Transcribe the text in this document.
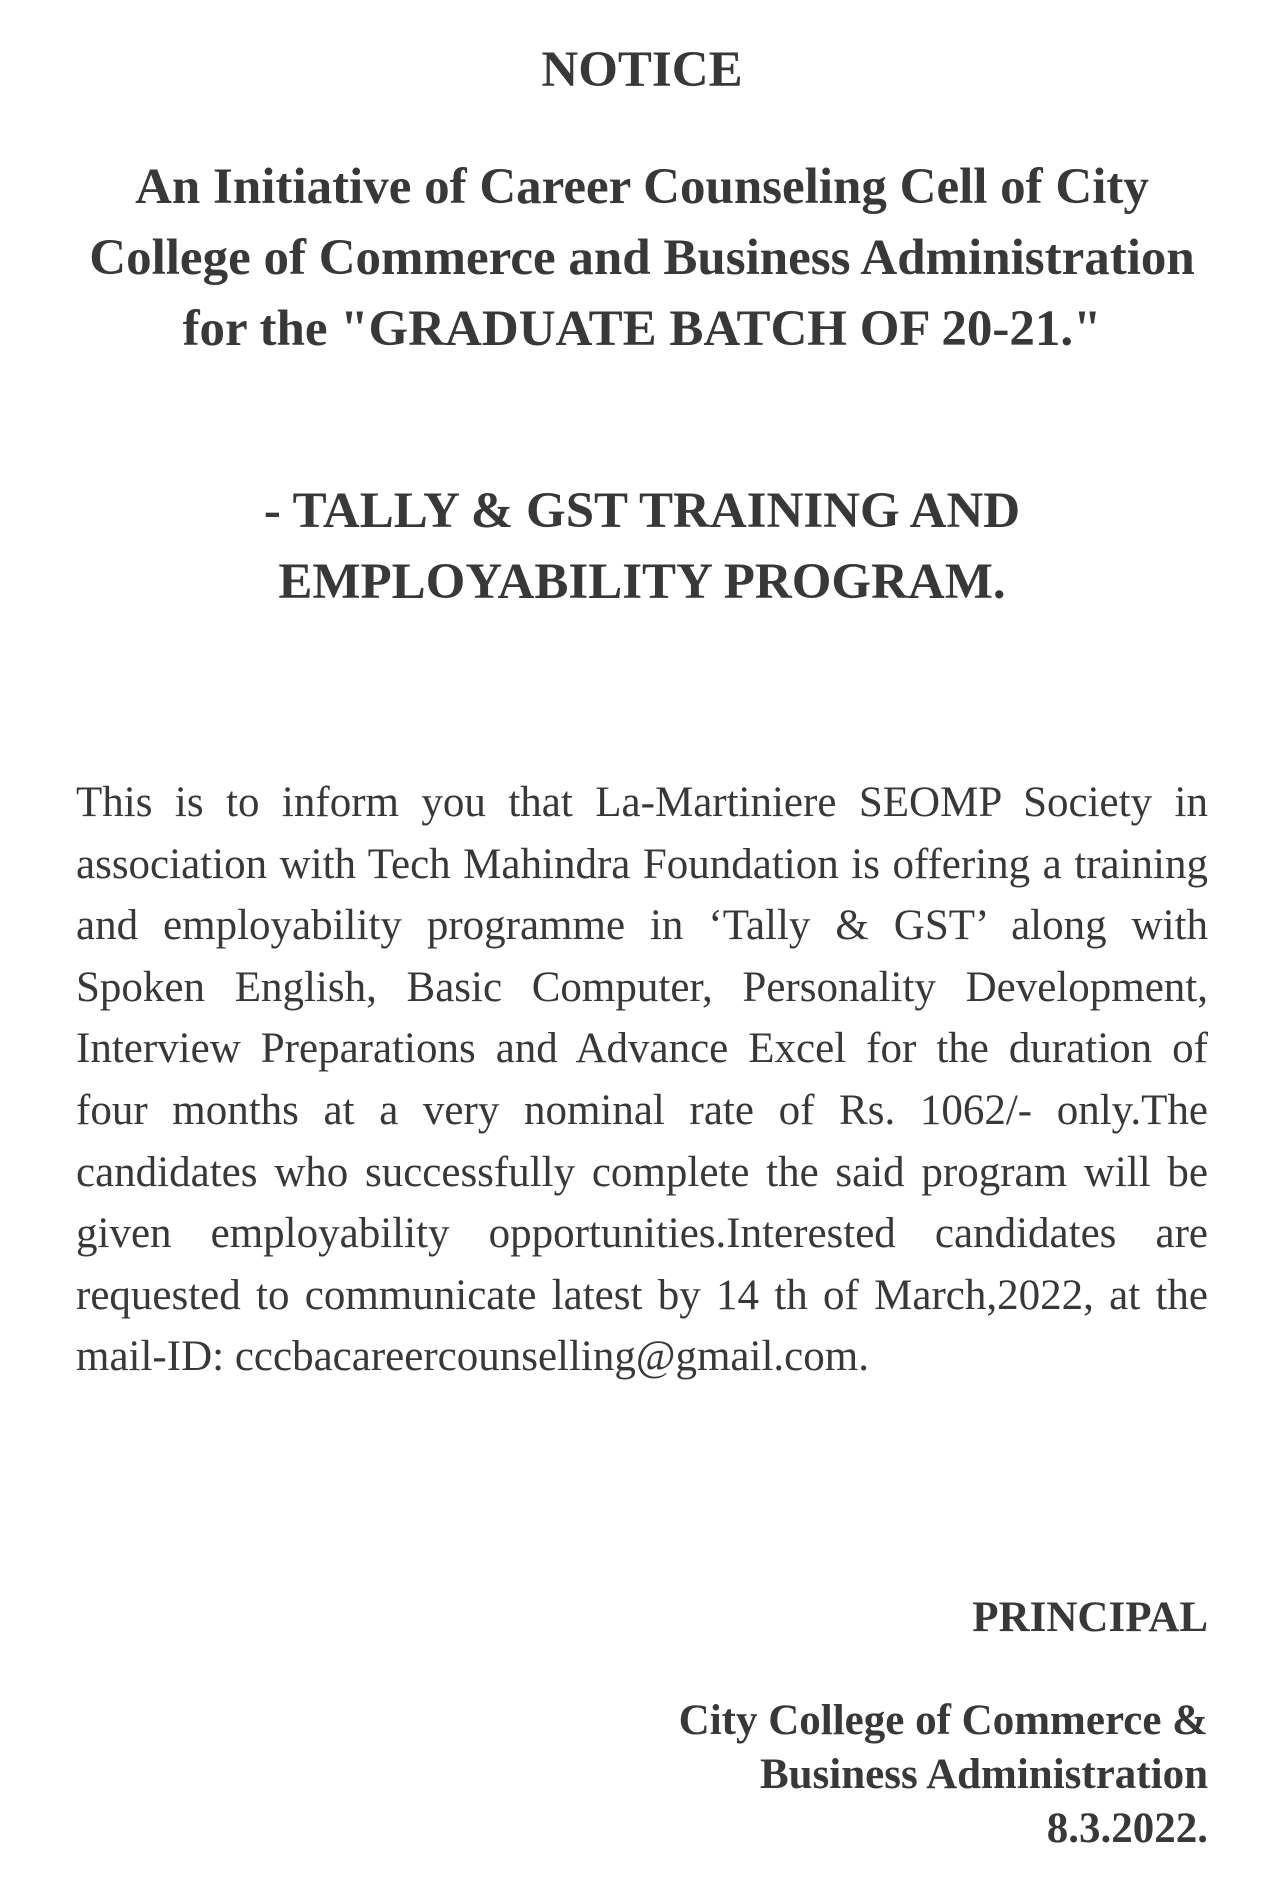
NOTICE
An Initiative of Career Counseling Cell of City College of Commerce and Business Administration for the "GRADUATE BATCH OF 20-21."
- TALLY & GST TRAINING AND EMPLOYABILITY PROGRAM.

This is to inform you that La-Martiniere SEOMP Society in association with Tech Mahindra Foundation is offering a training and employability programme in ‘Tally & GST’ along with Spoken English, Basic Computer, Personality Development, Interview Preparations and Advance Excel for the duration of four months at a very nominal rate of Rs. 1062/- only.The candidates who successfully complete the said program will be given employability opportunities.Interested candidates are requested to communicate latest by 14 th of March,2022, at the mail-ID: cccbacareercounselling@gmail.com.

PRINCIPAL
City College of Commerce &
Business Administration
8.3.2022.
